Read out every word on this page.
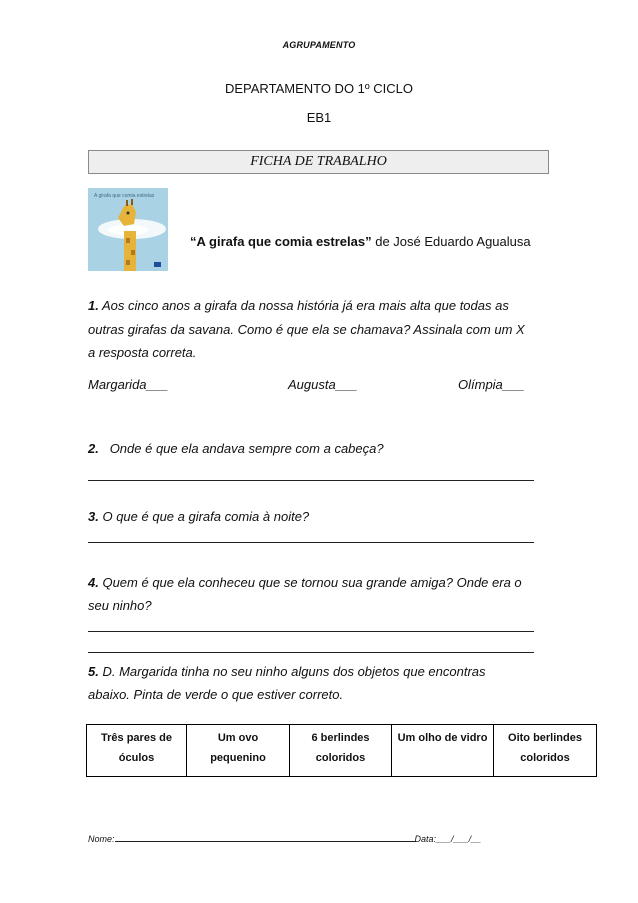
AGRUPAMENTO
DEPARTAMENTO DO 1º CICLO
EB1
FICHA DE TRABALHO
A girafa que comia estrelas
“A girafa que comia estrelas” de José Eduardo Agualusa
1. Aos cinco anos a girafa da nossa história já era mais alta que todas as
outras girafas da savana. Como é que ela se chamava? Assinala com um X
a resposta correta.
Margarida___	Augusta___	Olímpia___
2. Onde é que ela andava sempre com a cabeça?
3. O que é que a girafa comia à noite?
4. Quem é que ela conheceu que se tornou sua grande amiga? Onde era o
seu ninho?
5. D. Margarida tinha no seu ninho alguns dos objetos que encontras
abaixo. Pinta de verde o que estiver correto.
Três pares de
óculos

Um ovo
pequenino

6 berlindes
coloridos

Um olho de vidro	Oito berlindes
coloridos
Nome:	Data:___/___/__
